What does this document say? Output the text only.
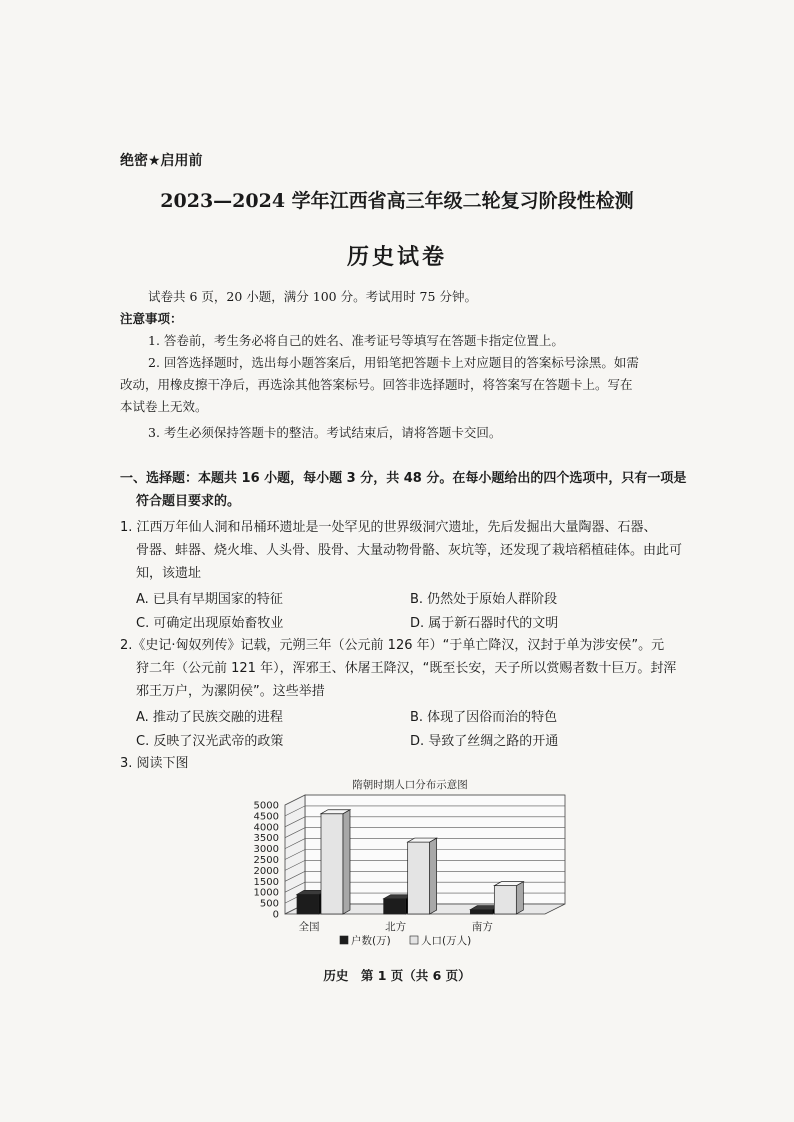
绝密★启用前
2023—2024 学年江西省高三年级二轮复习阶段性检测
历史试卷
试卷共 6 页，20 小题，满分 100 分。考试用时 75 分钟。
注意事项：
1. 答卷前，考生务必将自己的姓名、准考证号等填写在答题卡指定位置上。
2. 回答选择题时，选出每小题答案后，用铅笔把答题卡上对应题目的答案标号涂黑。如需
改动，用橡皮擦干净后，再选涂其他答案标号。回答非选择题时，将答案写在答题卡上。写在
本试卷上无效。
3. 考生必须保持答题卡的整洁。考试结束后，请将答题卡交回。
一、选择题：本题共 16 小题，每小题 3 分，共 48 分。在每小题给出的四个选项中，只有一项是
符合题目要求的。
1. 江西万年仙人洞和吊桶环遗址是一处罕见的世界级洞穴遗址，先后发掘出大量陶器、石器、
骨器、蚌器、烧火堆、人头骨、股骨、大量动物骨骼、灰坑等，还发现了栽培稻植硅体。由此可
知，该遗址
A. 已具有早期国家的特征	B. 仍然处于原始人群阶段
C. 可确定出现原始畜牧业	D. 属于新石器时代的文明
2.《史记·匈奴列传》记载，元朔三年（公元前 126 年）“于单亡降汉，汉封于单为涉安侯”。元
狩二年（公元前 121 年），浑邪王、休屠王降汉，“既至长安，天子所以赏赐者数十巨万。封浑
邪王万户，为漯阴侯”。这些举措
A. 推动了民族交融的进程	B. 体现了因俗而治的特色
C. 反映了汉光武帝的政策	D. 导致了丝绸之路的开通
3. 阅读下图
隋朝时期人口分布示意图
0
500
1000
1500
2000
2500
3000
3500
4000
4500
5000
全国	北方	南方
户数(万)	人口(万人)
历史　第 1 页（共 6 页）
